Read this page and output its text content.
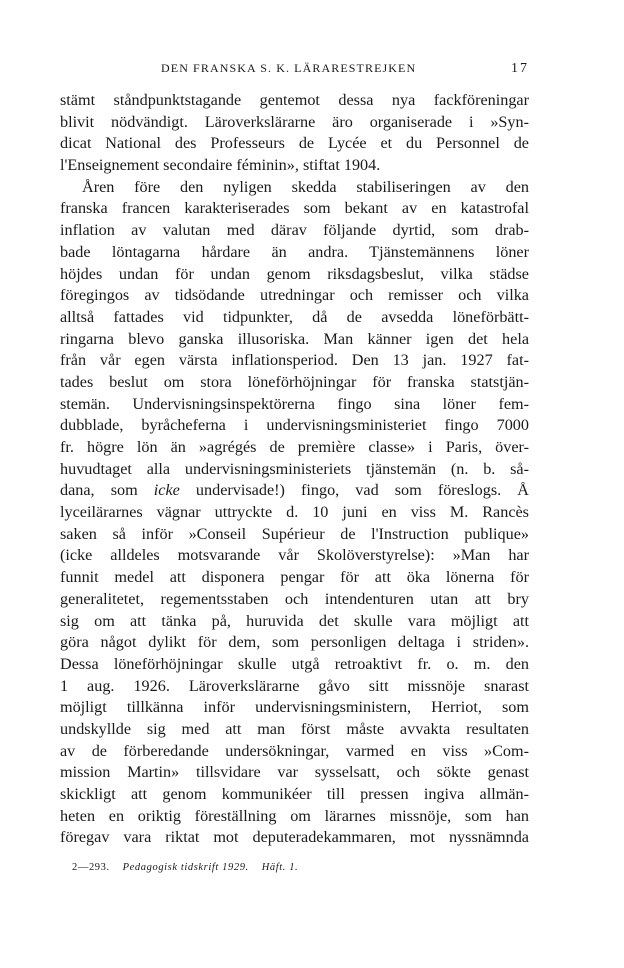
DEN FRANSKA S. K. LÄRARESTREJKEN	17
stämt ståndpunktstagande gentemot dessa nya fackföreningar
blivit nödvändigt. Läroverkslärarne äro organiserade i »Syn-
dicat National des Professeurs de Lycée et du Personnel de
l'Enseignement secondaire féminin», stiftat 1904.
Åren före den nyligen skedda stabiliseringen av den
franska francen karakteriserades som bekant av en katastrofal
inflation av valutan med därav följande dyrtid, som drab-
bade löntagarna hårdare än andra. Tjänstemännens löner
höjdes undan för undan genom riksdagsbeslut, vilka städse
föregingos av tidsödande utredningar och remisser och vilka
alltså fattades vid tidpunkter, då de avsedda löneförbätt-
ringarna blevo ganska illusoriska. Man känner igen det hela
från vår egen värsta inflationsperiod. Den 13 jan. 1927 fat-
tades beslut om stora löneförhöjningar för franska statstjän-
stemän. Undervisningsinspektörerna fingo sina löner fem-
dubblade, byråcheferna i undervisningsministeriet fingo 7000
fr. högre lön än »agrégés de première classe» i Paris, över-
huvudtaget alla undervisningsministeriets tjänstemän (n. b. så-
dana, som icke undervisade!) fingo, vad som föreslogs. Å
lyceilärarnes vägnar uttryckte d. 10 juni en viss M. Rancès
saken så inför »Conseil Supérieur de l'Instruction publique»
(icke alldeles motsvarande vår Skolöverstyrelse): »Man har
funnit medel att disponera pengar för att öka lönerna för
generalitetet, regementsstaben och intendenturen utan att bry
sig om att tänka på, huruvida det skulle vara möjligt att
göra något dylikt för dem, som personligen deltaga i striden».
Dessa löneförhöjningar skulle utgå retroaktivt fr. o. m. den
1 aug. 1926. Läroverkslärarne gåvo sitt missnöje snarast
möjligt tillkänna inför undervisningsministern, Herriot, som
undskyllde sig med att man först måste avvakta resultaten
av de förberedande undersökningar, varmed en viss »Com-
mission Martin» tillsvidare var sysselsatt, och sökte genast
skickligt att genom kommunikéer till pressen ingiva allmän-
heten en oriktig föreställning om lärarnes missnöje, som han
föregav vara riktat mot deputeradekammaren, mot nyssnämnda
2—293. Pedagogisk tidskrift 1929. Häft. 1.
